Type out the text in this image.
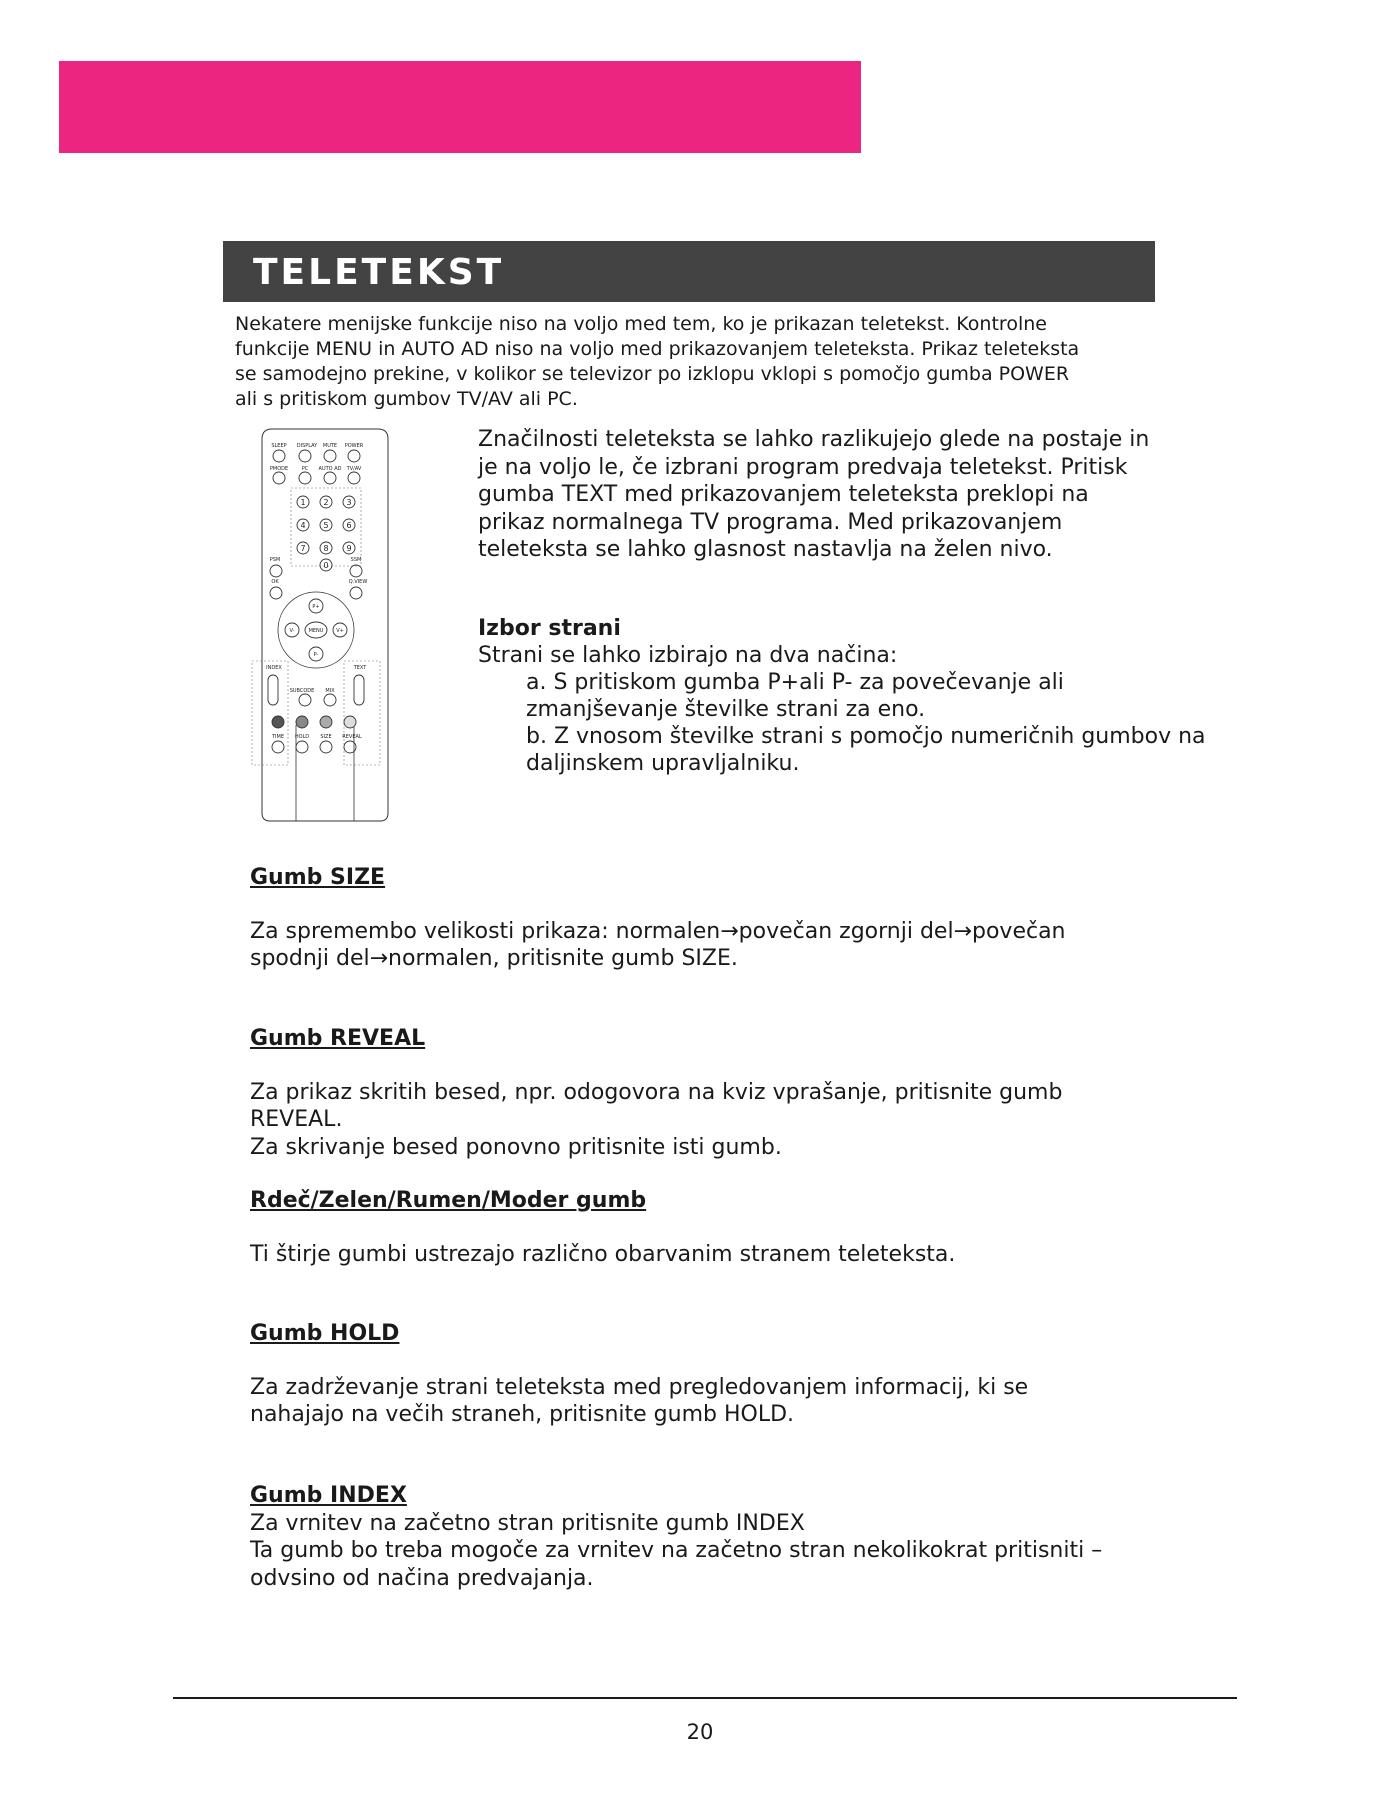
TELETEKST

Nekatere menijske funkcije niso na voljo med tem, ko je prikazan teletekst. Kontrolne

funkcije MENU in AUTO AD niso na voljo med prikazovanjem teleteksta. Prikaz teleteksta

se samodejno prekine, v kolikor se televizor po izklopu vklopi s pomočjo gumba POWER

ali s pritiskom gumbov TV/AV ali PC.

SLEEP DISPLAY MUTE POWER
PMODE	PC AUTO AD TV/AV
1 2 3
4 5 6
7 8 9
0
PSM	SSM
OK	Q.VIEW
P+
P-
V-	V+
MENU
INDEX	TEXT
SUBCODE MIX
TIME HOLD SIZE REVEAL

Značilnosti teleteksta se lahko razlikujejo glede na postaje in

je na voljo le, če izbrani program predvaja teletekst. Pritisk

gumba TEXT med prikazovanjem teleteksta preklopi na

prikaz normalnega TV programa. Med prikazovanjem

teleteksta se lahko glasnost nastavlja na želen nivo.

Izbor strani

Strani se lahko izbirajo na dva načina:

a. S pritiskom gumba P+ali P- za povečevanje ali
zmanjševanje številke strani za eno.
b. Z vnosom številke strani s pomočjo numeričnih gumbov na
daljinskem upravljalniku.
Gumb SIZE

Za spremembo velikosti prikaza: normalen→povečan zgornji del→povečan

spodnji del→normalen, pritisnite gumb SIZE.

Gumb REVEAL

Za prikaz skritih besed, npr. odogovora na kviz vprašanje, pritisnite gumb REVEAL.

Za skrivanje besed ponovno pritisnite isti gumb.

Rdeč/Zelen/Rumen/Moder gumb

Ti štirje gumbi ustrezajo različno obarvanim stranem teleteksta.

Gumb HOLD

Za zadrževanje strani teleteksta med pregledovanjem informacij, ki se

nahajajo na večih straneh, pritisnite gumb HOLD.

Gumb INDEX

Za vrnitev na začetno stran pritisnite gumb INDEX

Ta gumb bo treba mogoče za vrnitev na začetno stran nekolikokrat pritisniti –

odvsino od načina predvajanja.

20
